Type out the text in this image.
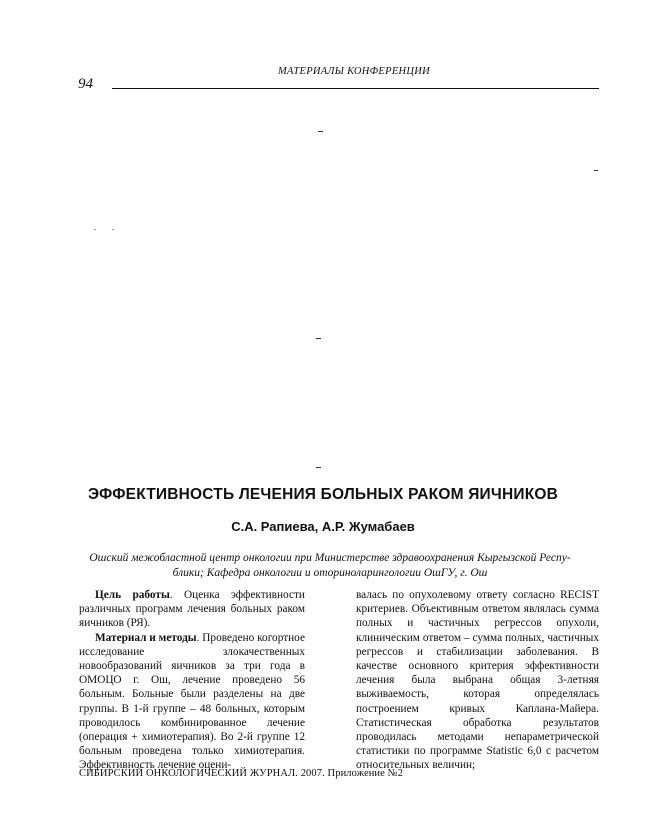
МАТЕРИАЛЫ КОНФЕРЕНЦИИ
94
ЭФФЕКТИВНОСТЬ ЛЕЧЕНИЯ БОЛЬНЫХ РАКОМ ЯИЧНИКОВ
С.А. Рапиева, А.Р. Жумабаев
Ошский межобластной центр онкологии при Министерстве здравоохранения Кыргызской Респу-
блики; Кафедра онкологии и оториноларингологии ОшГУ, г. Ош

Цель работы. Оценка эффективности различных программ лечения больных раком яичников (РЯ).

Материал и методы. Проведено когортное исследование злокачественных новообразований яичников за три года в ОМОЦО г. Ош, лечение проведено 56 больным. Больные были разделены на две группы. В 1-й группе – 48 больных, которым проводилось комбинированное лечение (операция + химиотерапия). Во 2-й группе 12 больным проведена только химиотерапия. Эффективность лечение оцени-

валась по опухолевому ответу согласно RECIST критериев. Объективным ответом являлась сумма полных и частичных регрессов опухоли, клиническим ответом – сумма полных, частичных регрессов и стабилизации заболевания. В качестве основного критерия эффективности лечения была выбрана общая 3-летняя выживаемость, которая определялась построением кривых Каплана-Майера. Статистическая обработка результатов проводилась методами непараметрической статистики по программе Statistic 6,0 с расчетом относительных величин;

СИБИРСКИЙ ОНКОЛОГИЧЕСКИЙ ЖУРНАЛ. 2007. Приложение №2
